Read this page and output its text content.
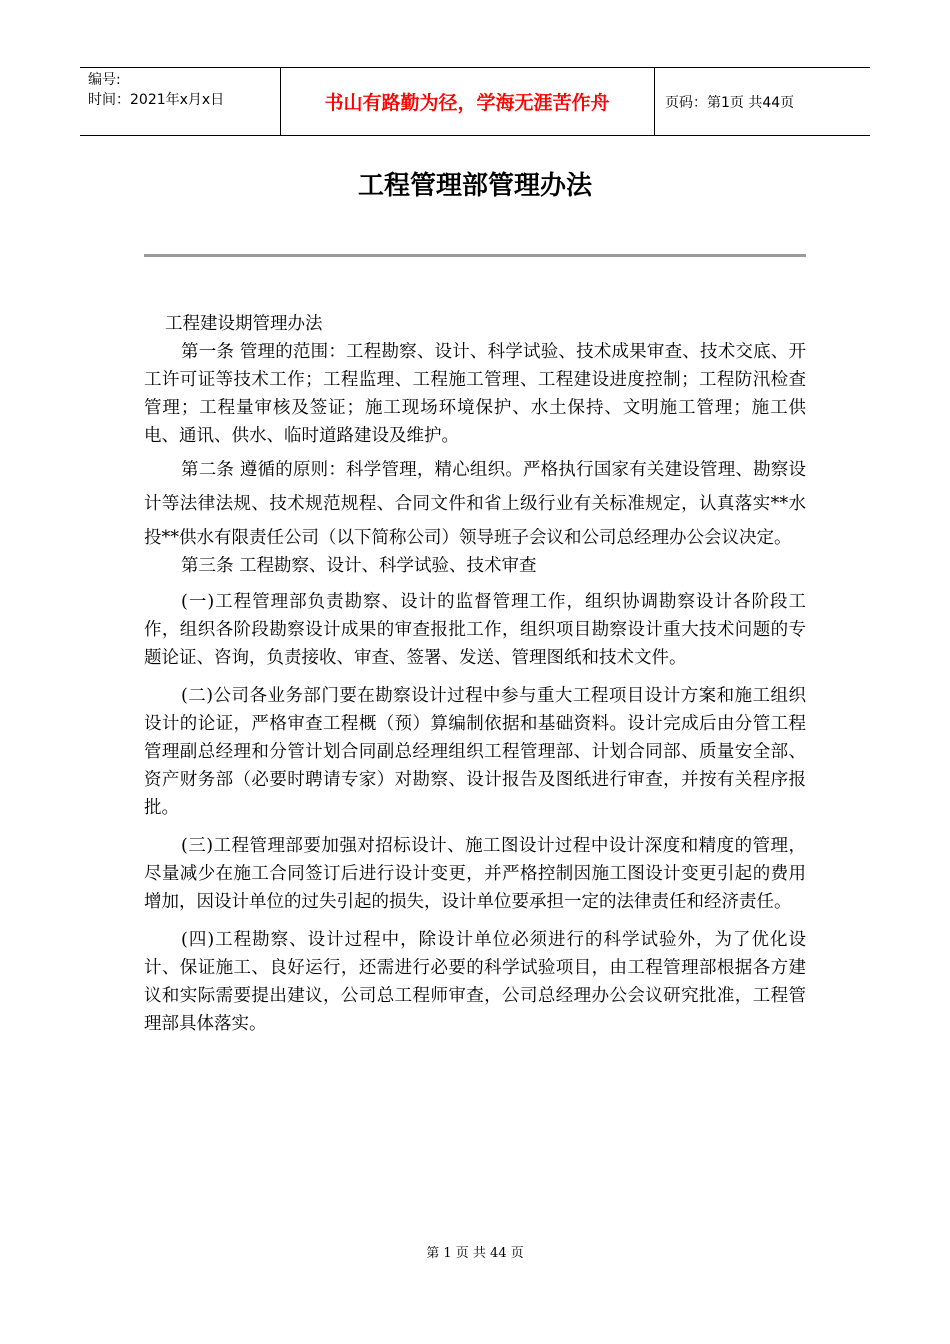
编号:
时间：2021年x月x日	书山有路勤为径，学海无涯苦作舟	页码：第1页 共44页
工程管理部管理办法

工程建设期管理办法

第一条 管理的范围：工程勘察、设计、科学试验、技术成果审查、技术交底、开工许可证等技术工作；工程监理、工程施工管理、工程建设进度控制；工程防汛检查管理；工程量审核及签证；施工现场环境保护、水土保持、文明施工管理；施工供电、通讯、供水、临时道路建设及维护。

第二条 遵循的原则：科学管理，精心组织。严格执行国家有关建设管理、勘察设计等法律法规、技术规范规程、合同文件和省上级行业有关标准规定，认真落实**水投**供水有限责任公司（以下简称公司）领导班子会议和公司总经理办公会议决定。

第三条 工程勘察、设计、科学试验、技术审查

(一)工程管理部负责勘察、设计的监督管理工作，组织协调勘察设计各阶段工作，组织各阶段勘察设计成果的审查报批工作，组织项目勘察设计重大技术问题的专题论证、咨询，负责接收、审查、签署、发送、管理图纸和技术文件。

(二)公司各业务部门要在勘察设计过程中参与重大工程项目设计方案和施工组织设计的论证，严格审查工程概（预）算编制依据和基础资料。设计完成后由分管工程管理副总经理和分管计划合同副总经理组织工程管理部、计划合同部、质量安全部、资产财务部（必要时聘请专家）对勘察、设计报告及图纸进行审查，并按有关程序报批。

(三)工程管理部要加强对招标设计、施工图设计过程中设计深度和精度的管理，尽量减少在施工合同签订后进行设计变更，并严格控制因施工图设计变更引起的费用增加，因设计单位的过失引起的损失，设计单位要承担一定的法律责任和经济责任。

(四)工程勘察、设计过程中，除设计单位必须进行的科学试验外，为了优化设计、保证施工、良好运行，还需进行必要的科学试验项目，由工程管理部根据各方建议和实际需要提出建议，公司总工程师审查，公司总经理办公会议研究批准，工程管理部具体落实。

第 1 页 共 44 页
